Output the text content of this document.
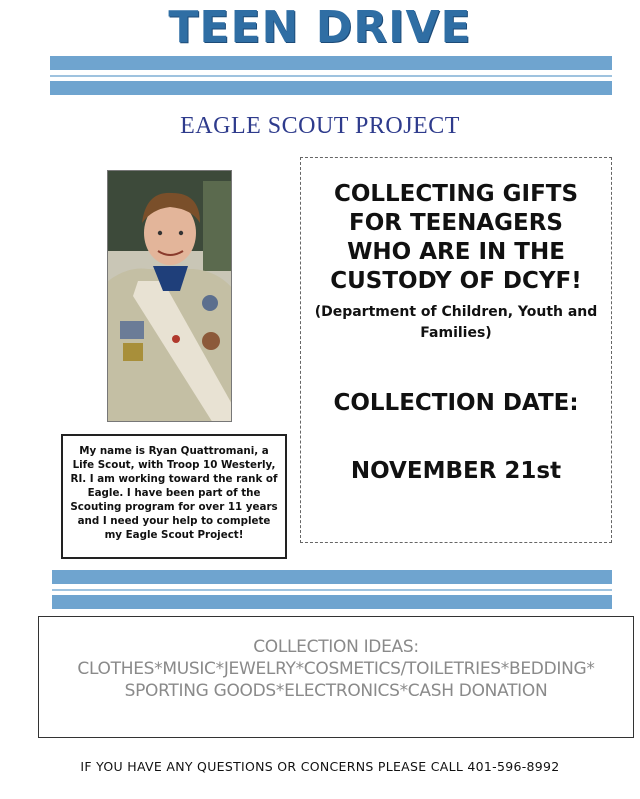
TEEN DRIVE
EAGLE SCOUT PROJECT
My name is Ryan Quattromani, a Life Scout, with Troop 10 Westerly, RI. I am working toward the rank of Eagle. I have been part of the Scouting program for over 11 years and I need your help to complete my Eagle Scout Project!
COLLECTING GIFTS
FOR TEENAGERS
WHO ARE IN THE
CUSTODY OF DCYF!
(Department of Children, Youth and Families)
COLLECTION DATE:
NOVEMBER 21st
COLLECTION IDEAS:
CLOTHES*MUSIC*JEWELRY*COSMETICS/TOILETRIES*BEDDING*
SPORTING GOODS*ELECTRONICS*CASH DONATION
IF YOU HAVE ANY QUESTIONS OR CONCERNS PLEASE CALL 401-596-8992
